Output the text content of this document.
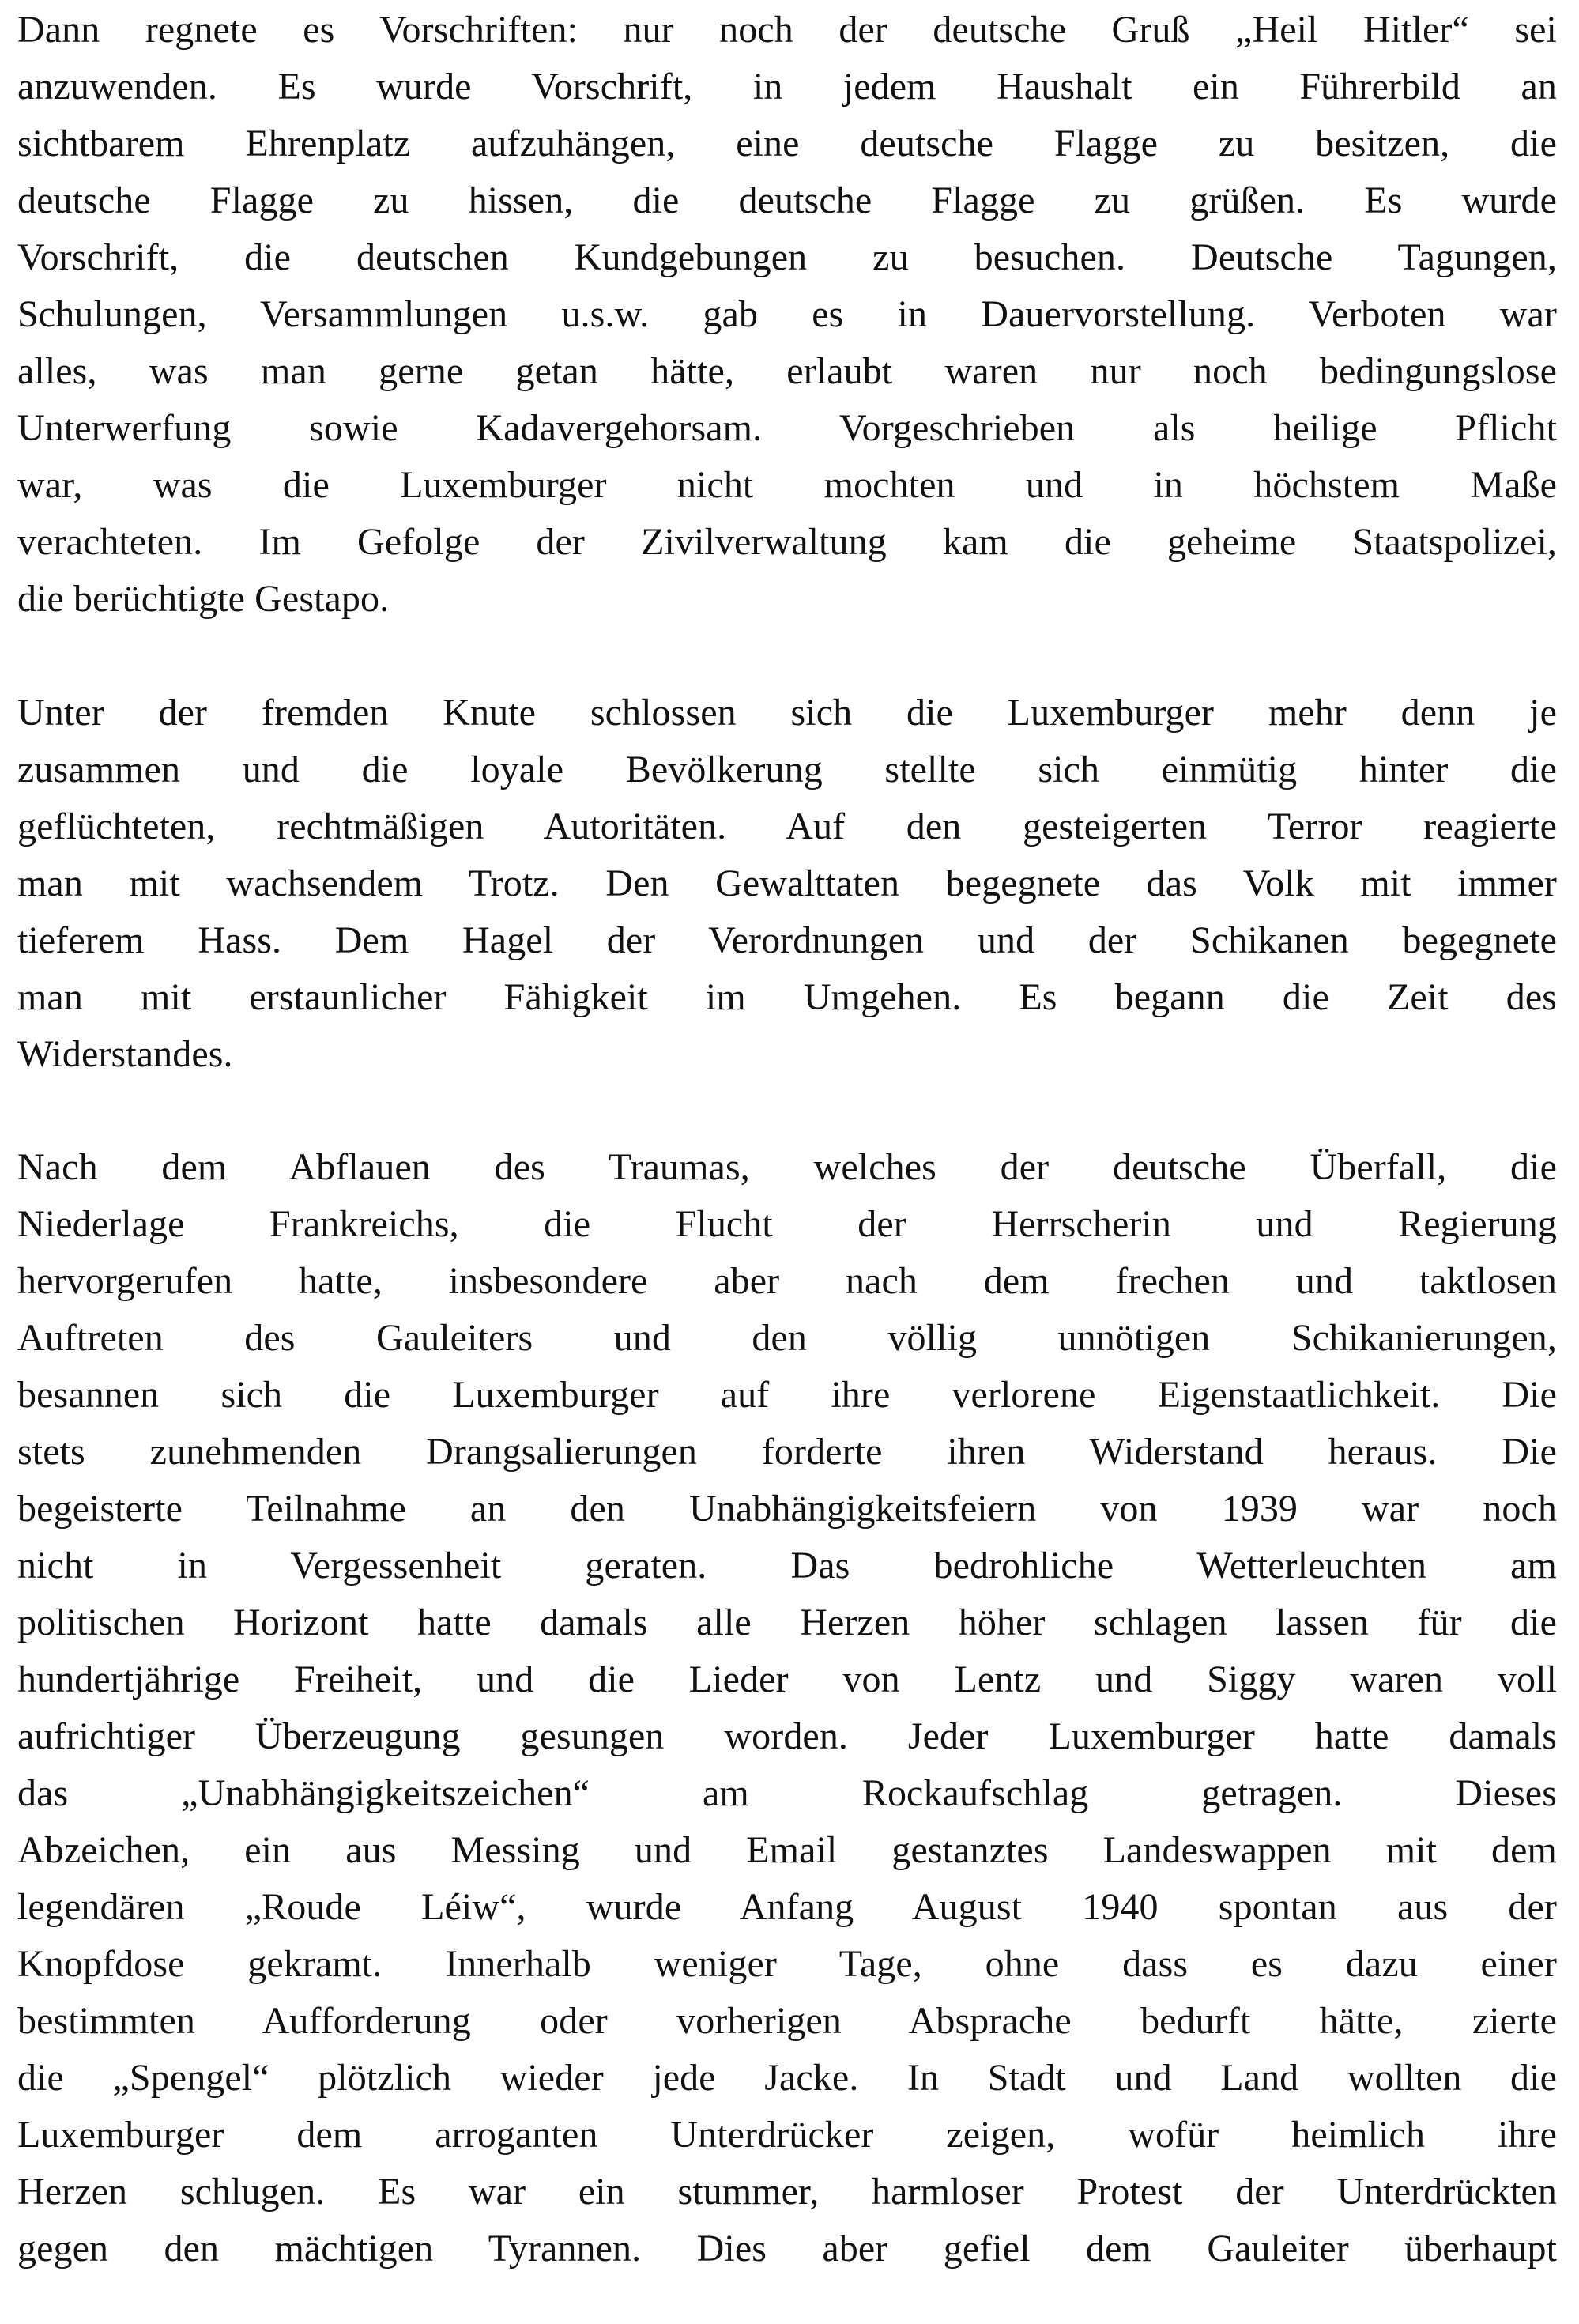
Dann regnete es Vorschriften: nur noch der deutsche Gruß „Heil Hitler“ sei
anzuwenden. Es wurde Vorschrift, in jedem Haushalt ein Führerbild an
sichtbarem Ehrenplatz aufzuhängen, eine deutsche Flagge zu besitzen, die
deutsche Flagge zu hissen, die deutsche Flagge zu grüßen. Es wurde
Vorschrift, die deutschen Kundgebungen zu besuchen. Deutsche Tagungen,
Schulungen, Versammlungen u.s.w. gab es in Dauervorstellung. Verboten war
alles, was man gerne getan hätte, erlaubt waren nur noch bedingungslose
Unterwerfung sowie Kadavergehorsam. Vorgeschrieben als heilige Pflicht
war, was die Luxemburger nicht mochten und in höchstem Maße
verachteten. Im Gefolge der Zivilverwaltung kam die geheime Staatspolizei,
die berüchtigte Gestapo.
Unter der fremden Knute schlossen sich die Luxemburger mehr denn je
zusammen und die loyale Bevölkerung stellte sich einmütig hinter die
geflüchteten, rechtmäßigen Autoritäten. Auf den gesteigerten Terror reagierte
man mit wachsendem Trotz. Den Gewalttaten begegnete das Volk mit immer
tieferem Hass. Dem Hagel der Verordnungen und der Schikanen begegnete
man mit erstaunlicher Fähigkeit im Umgehen. Es begann die Zeit des
Widerstandes.
Nach dem Abflauen des Traumas, welches der deutsche Überfall, die
Niederlage Frankreichs, die Flucht der Herrscherin und Regierung
hervorgerufen hatte, insbesondere aber nach dem frechen und taktlosen
Auftreten des Gauleiters und den völlig unnötigen Schikanierungen,
besannen sich die Luxemburger auf ihre verlorene Eigenstaatlichkeit. Die
stets zunehmenden Drangsalierungen forderte ihren Widerstand heraus. Die
begeisterte Teilnahme an den Unabhängigkeitsfeiern von 1939 war noch
nicht in Vergessenheit geraten. Das bedrohliche Wetterleuchten am
politischen Horizont hatte damals alle Herzen höher schlagen lassen für die
hundertjährige Freiheit, und die Lieder von Lentz und Siggy waren voll
aufrichtiger Überzeugung gesungen worden. Jeder Luxemburger hatte damals
das „Unabhängigkeitszeichen“ am Rockaufschlag getragen. Dieses
Abzeichen, ein aus Messing und Email gestanztes Landeswappen mit dem
legendären „Roude Léiw“, wurde Anfang August 1940 spontan aus der
Knopfdose gekramt. Innerhalb weniger Tage, ohne dass es dazu einer
bestimmten Aufforderung oder vorherigen Absprache bedurft hätte, zierte
die „Spengel“ plötzlich wieder jede Jacke. In Stadt und Land wollten die
Luxemburger dem arroganten Unterdrücker zeigen, wofür heimlich ihre
Herzen schlugen. Es war ein stummer, harmloser Protest der Unterdrückten
gegen den mächtigen Tyrannen. Dies aber gefiel dem Gauleiter überhaupt
